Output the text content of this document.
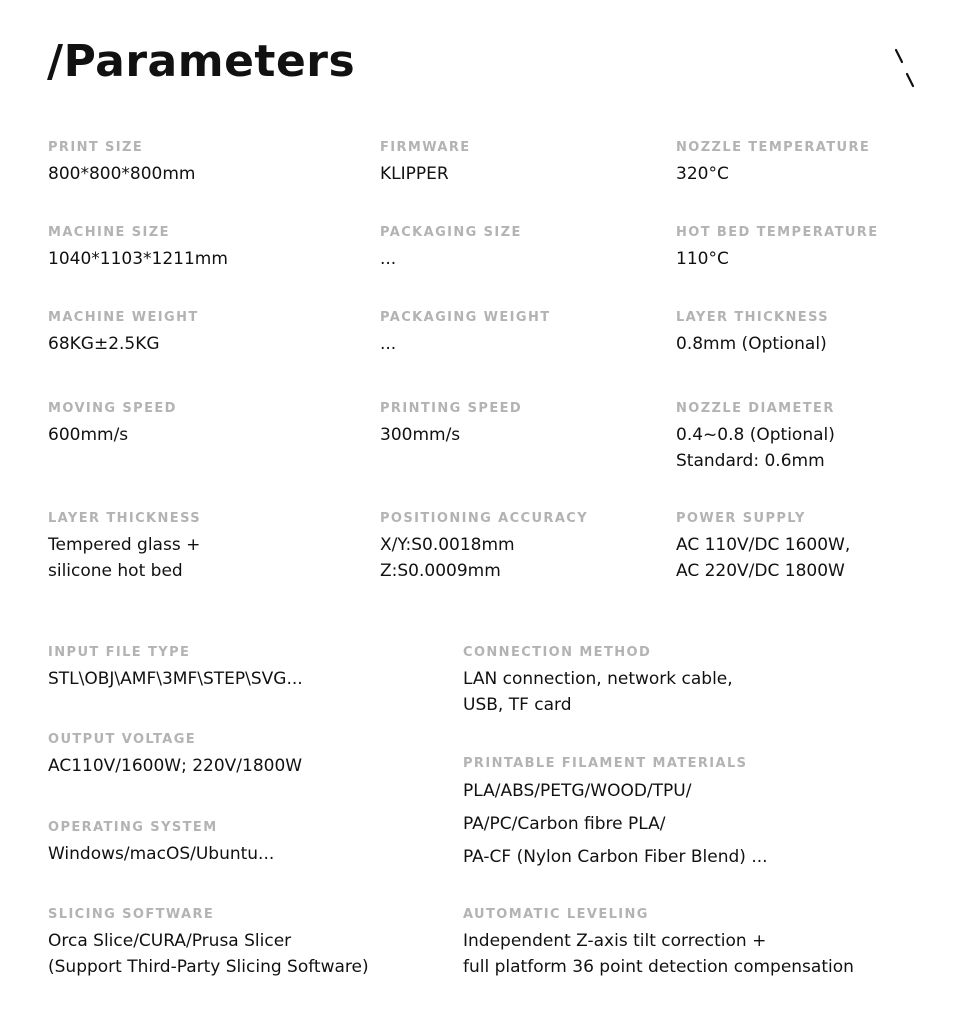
/Parameters
PRINT SIZE
800*800*800mm
FIRMWARE
KLIPPER
NOZZLE TEMPERATURE
320°C
MACHINE SIZE
1040*1103*1211mm
PACKAGING SIZE
...
HOT BED TEMPERATURE
110°C
MACHINE WEIGHT
68KG±2.5KG
PACKAGING WEIGHT
...
LAYER THICKNESS
0.8mm (Optional)
MOVING SPEED
600mm/s
PRINTING SPEED
300mm/s
NOZZLE DIAMETER
0.4~0.8 (Optional)
Standard: 0.6mm
LAYER THICKNESS
Tempered glass +
silicone hot bed
POSITIONING ACCURACY
X/Y:S0.0018mm
Z:S0.0009mm
POWER SUPPLY
AC 110V/DC 1600W,
AC 220V/DC 1800W
INPUT FILE TYPE
STL\OBJ\AMF\3MF\STEP\SVG...
OUTPUT VOLTAGE
AC110V/1600W; 220V/1800W
OPERATING SYSTEM
Windows/macOS/Ubuntu...
SLICING SOFTWARE
Orca Slice/CURA/Prusa Slicer
(Support Third-Party Slicing Software)
CONNECTION METHOD
LAN connection, network cable,
USB, TF card
PRINTABLE FILAMENT MATERIALS
PLA/ABS/PETG/WOOD/TPU/
PA/PC/Carbon fibre PLA/
PA-CF (Nylon Carbon Fiber Blend) ...
AUTOMATIC LEVELING
Independent Z-axis tilt correction +
full platform 36 point detection compensation
